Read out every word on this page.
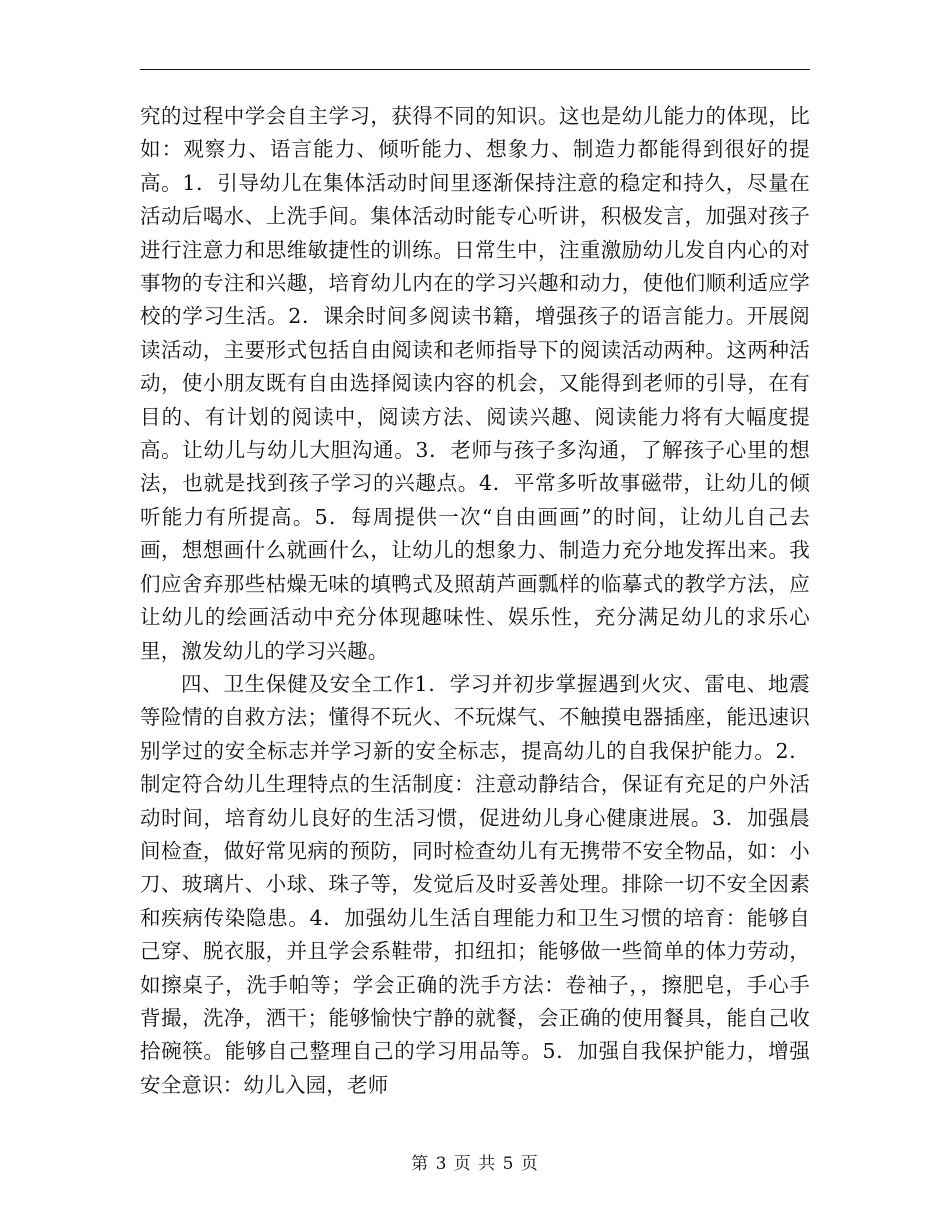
究的过程中学会自主学习，获得不同的知识。这也是幼儿能力的体现，比如：观察力、语言能力、倾听能力、想象力、制造力都能得到很好的提高。1．引导幼儿在集体活动时间里逐渐保持注意的稳定和持久，尽量在活动后喝水、上洗手间。集体活动时能专心听讲，积极发言，加强对孩子进行注意力和思维敏捷性的训练。日常生中，注重激励幼儿发自内心的对事物的专注和兴趣，培育幼儿内在的学习兴趣和动力，使他们顺利适应学校的学习生活。2．课余时间多阅读书籍，增强孩子的语言能力。开展阅读活动，主要形式包括自由阅读和老师指导下的阅读活动两种。这两种活动，使小朋友既有自由选择阅读内容的机会，又能得到老师的引导，在有目的、有计划的阅读中，阅读方法、阅读兴趣、阅读能力将有大幅度提高。让幼儿与幼儿大胆沟通。3．老师与孩子多沟通，了解孩子心里的想法，也就是找到孩子学习的兴趣点。4．平常多听故事磁带，让幼儿的倾听能力有所提高。5．每周提供一次“自由画画”的时间，让幼儿自己去画，想想画什么就画什么，让幼儿的想象力、制造力充分地发挥出来。我们应舍弃那些枯燥无味的填鸭式及照葫芦画瓢样的临摹式的教学方法，应让幼儿的绘画活动中充分体现趣味性、娱乐性，充分满足幼儿的求乐心里，激发幼儿的学习兴趣。

四、卫生保健及安全工作1．学习并初步掌握遇到火灾、雷电、地震等险情的自救方法；懂得不玩火、不玩煤气、不触摸电器插座，能迅速识别学过的安全标志并学习新的安全标志，提高幼儿的自我保护能力。2．制定符合幼儿生理特点的生活制度：注意动静结合，保证有充足的户外活动时间，培育幼儿良好的生活习惯，促进幼儿身心健康进展。3．加强晨间检查，做好常见病的预防，同时检查幼儿有无携带不安全物品，如：小刀、玻璃片、小球、珠子等，发觉后及时妥善处理。排除一切不安全因素和疾病传染隐患。4．加强幼儿生活自理能力和卫生习惯的培育：能够自己穿、脱衣服，并且学会系鞋带，扣纽扣；能够做一些简单的体力劳动，如擦桌子，洗手帕等；学会正确的洗手方法：卷袖子，，擦肥皂，手心手背撮，洗净，洒干；能够愉快宁静的就餐，会正确的使用餐具，能自己收拾碗筷。能够自己整理自己的学习用品等。5．加强自我保护能力，增强安全意识：幼儿入园，老师

第 3 页 共 5 页
